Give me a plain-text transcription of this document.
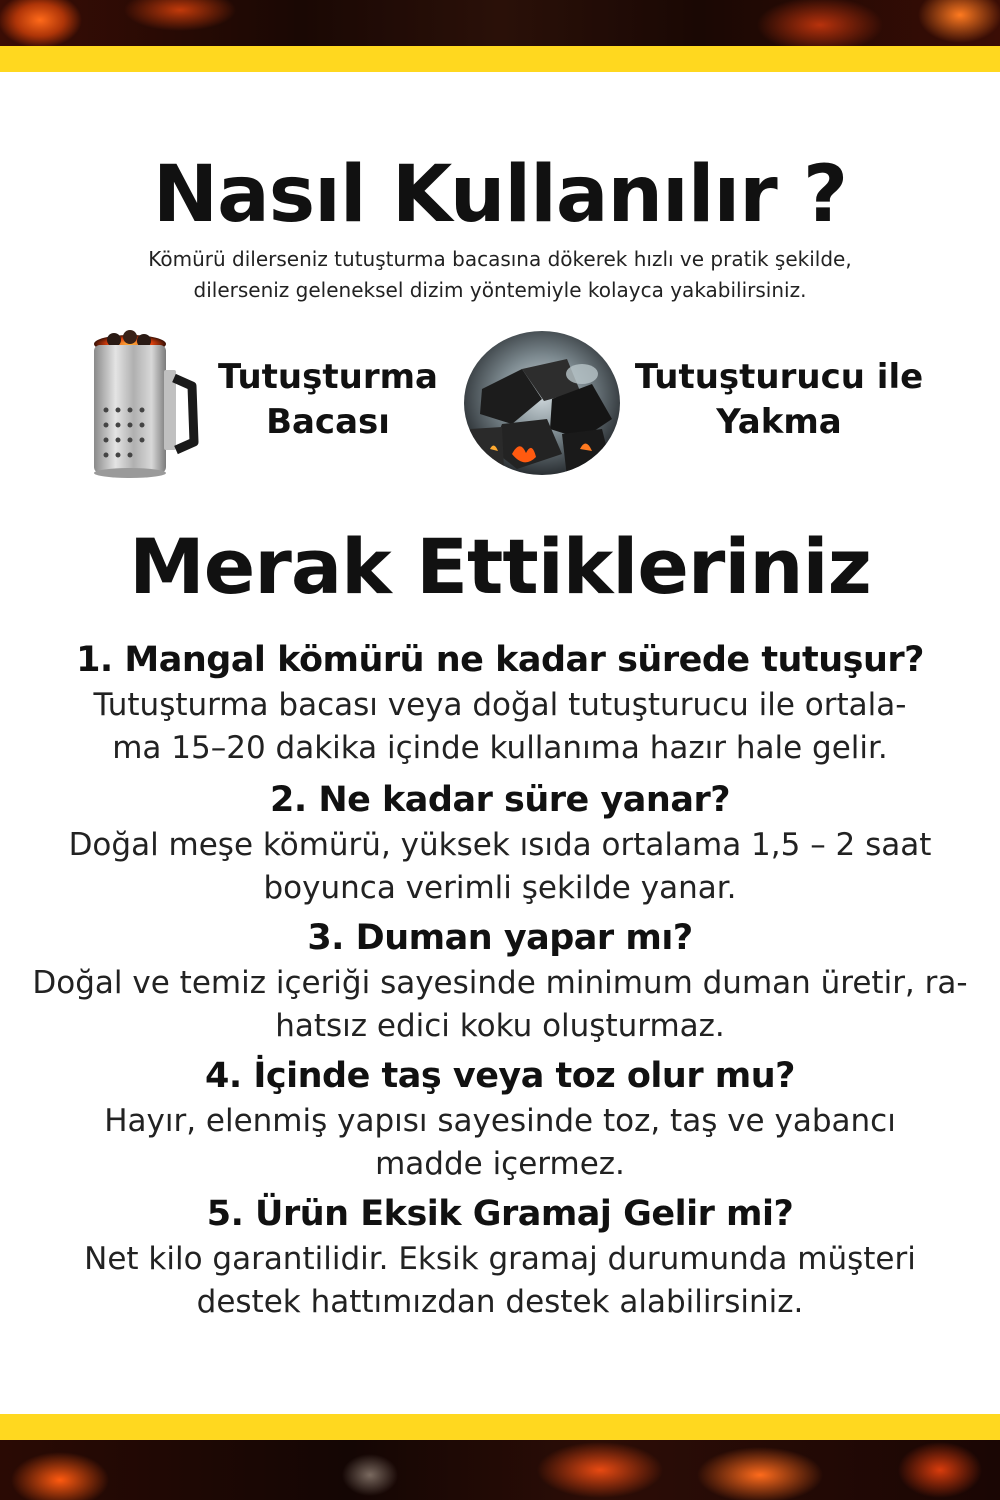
Nasıl Kullanılır ?
Kömürü dilerseniz tutuşturma bacasına dökerek hızlı ve pratik şekilde,
dilerseniz geleneksel dizim yöntemiyle kolayca yakabilirsiniz.
Tutuşturma
Bacası
Tutuşturucu ile
Yakma
Merak Ettikleriniz
1. Mangal kömürü ne kadar sürede tutuşur?
Tutuşturma bacası veya doğal tutuşturucu ile ortala-
ma 15–20 dakika içinde kullanıma hazır hale gelir.
2. Ne kadar süre yanar?
Doğal meşe kömürü, yüksek ısıda ortalama 1,5 – 2 saat
boyunca verimli şekilde yanar.
3. Duman yapar mı?
Doğal ve temiz içeriği sayesinde minimum duman üretir, ra-
hatsız edici koku oluşturmaz.
4. İçinde taş veya toz olur mu?
Hayır, elenmiş yapısı sayesinde toz, taş ve yabancı
madde içermez.
5. Ürün Eksik Gramaj Gelir mi?
Net kilo garantilidir. Eksik gramaj durumunda müşteri
destek hattımızdan destek alabilirsiniz.
